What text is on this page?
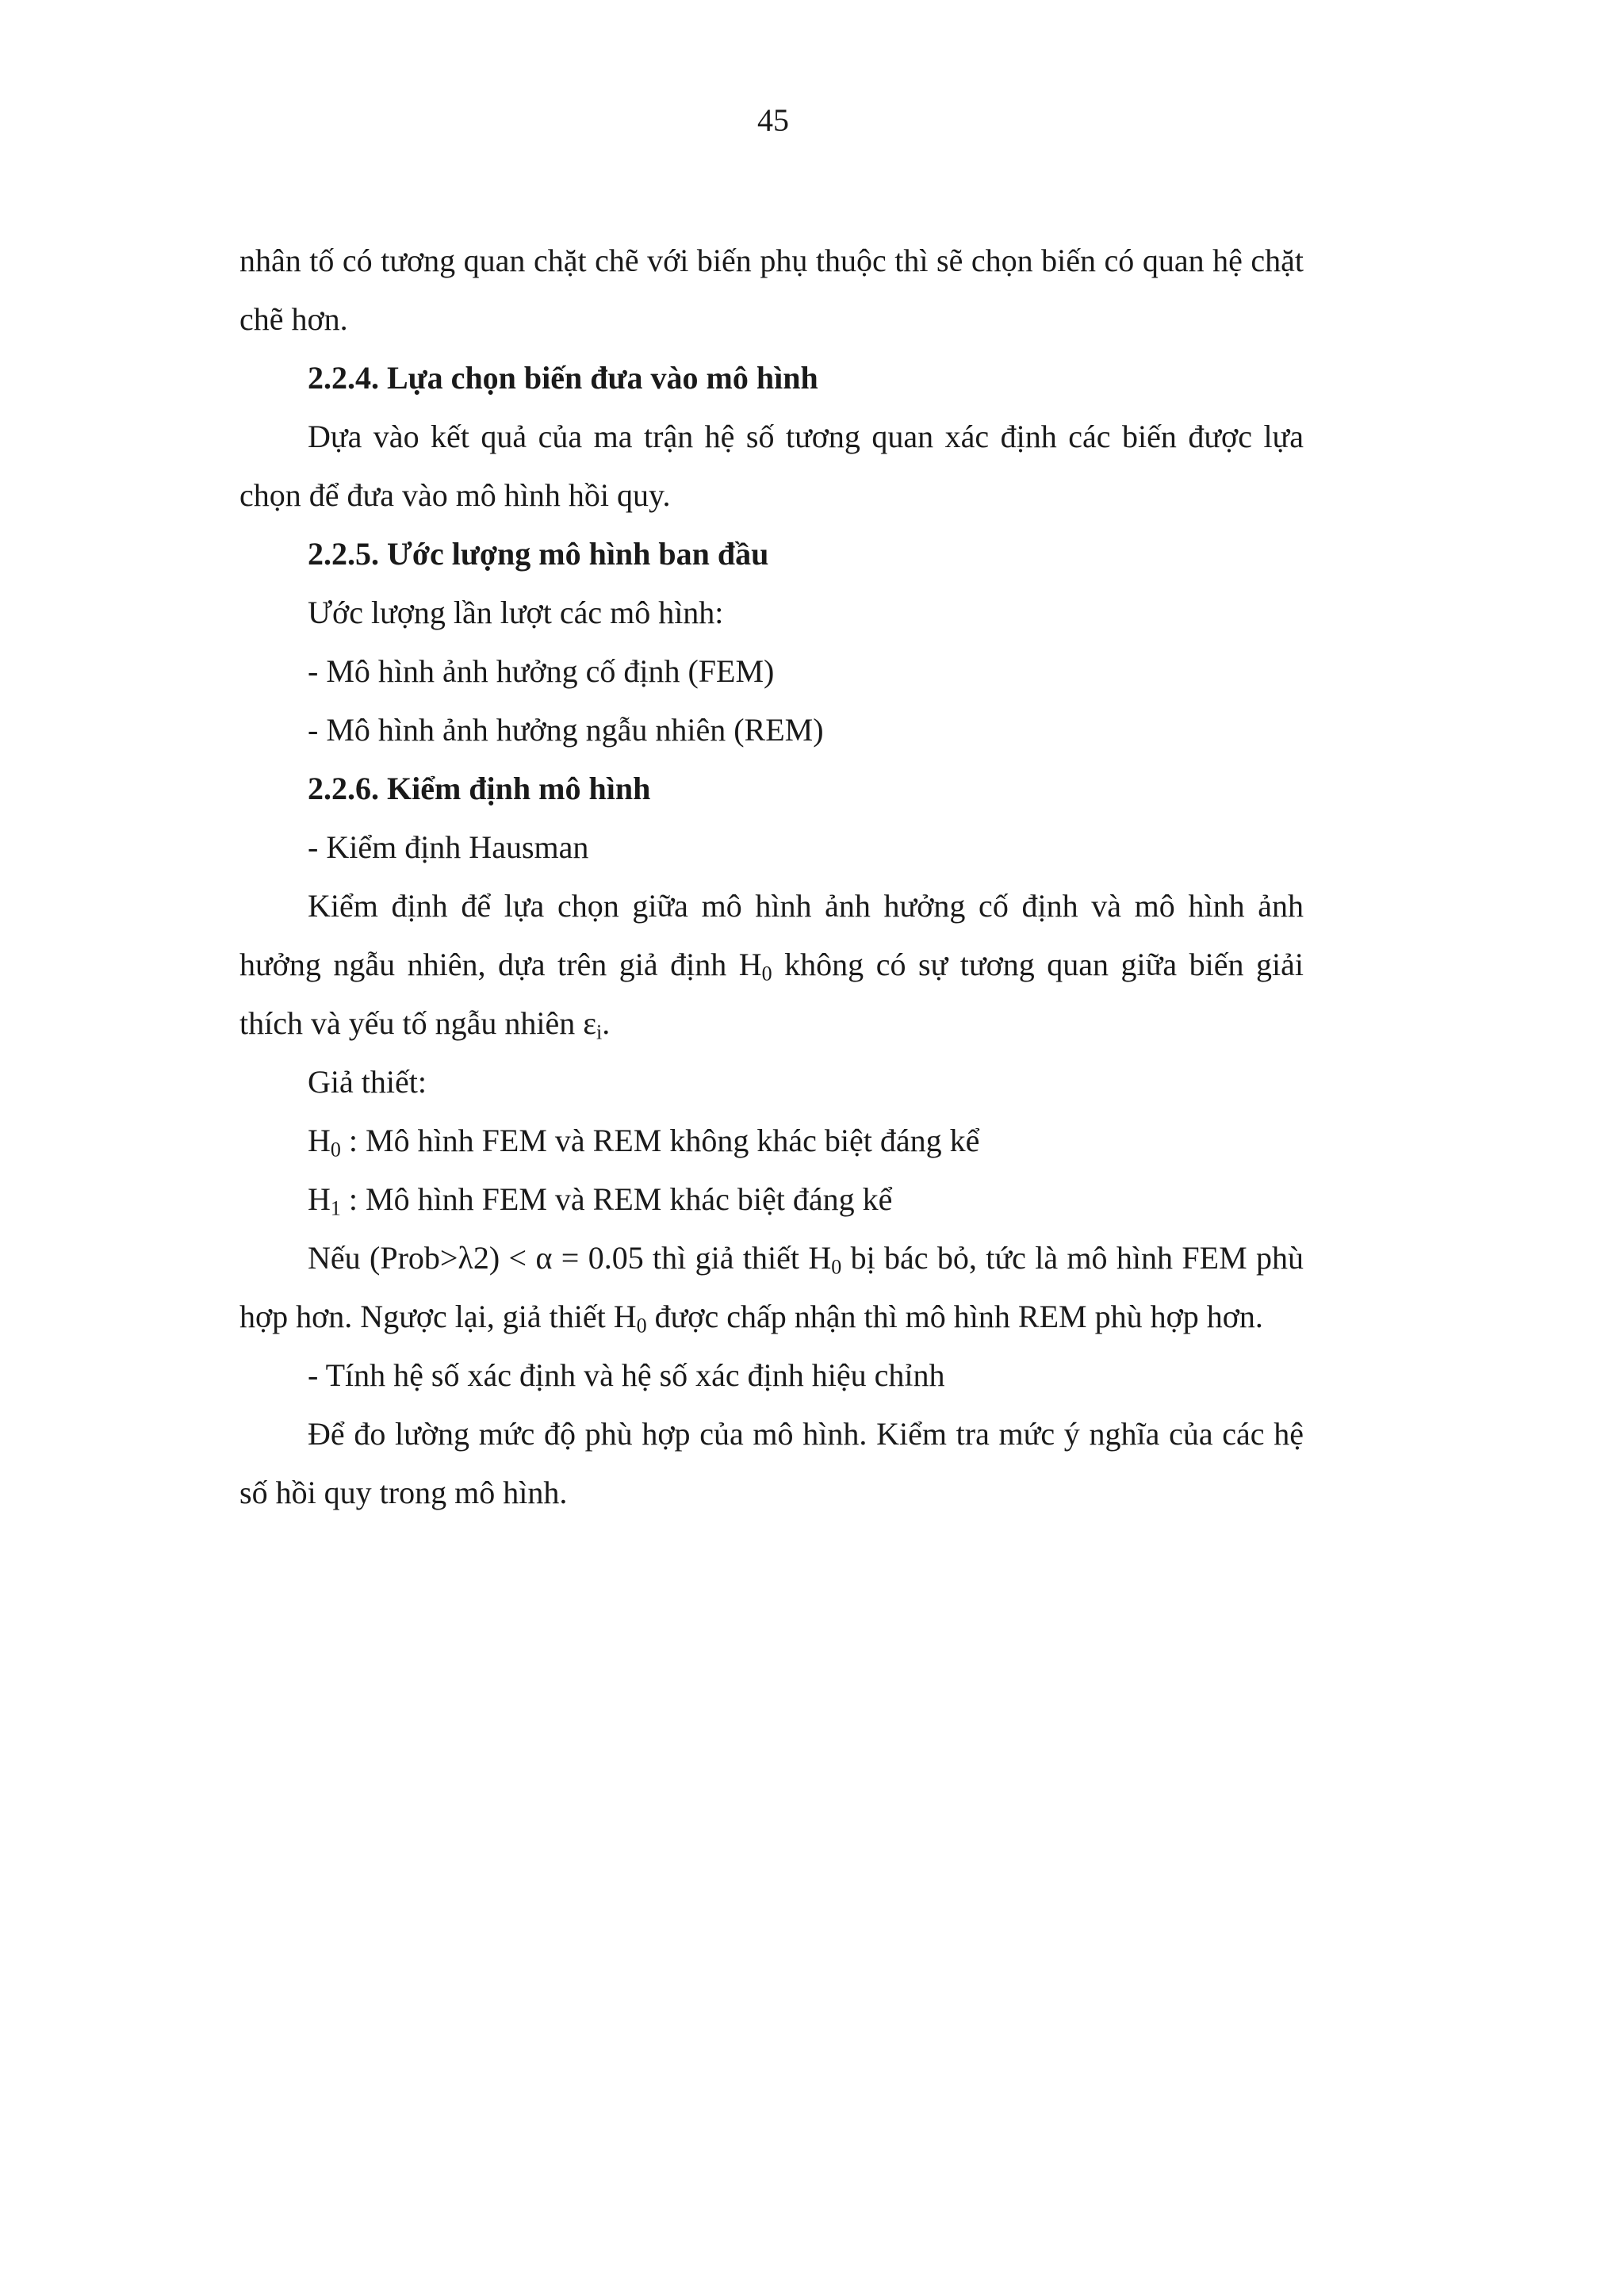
45

nhân tố có tương quan chặt chẽ với biến phụ thuộc thì sẽ chọn biến có quan hệ chặt chẽ hơn.

2.2.4. Lựa chọn biến đưa vào mô hình

Dựa vào kết quả của ma trận hệ số tương quan xác định các biến được lựa chọn để đưa vào mô hình hồi quy.

2.2.5. Ước lượng mô hình ban đầu

Ước lượng lần lượt các mô hình:

- Mô hình ảnh hưởng cố định (FEM)

- Mô hình ảnh hưởng ngẫu nhiên (REM)

2.2.6. Kiểm định mô hình

- Kiểm định Hausman

Kiểm định để lựa chọn giữa mô hình ảnh hưởng cố định và mô hình ảnh hưởng ngẫu nhiên, dựa trên giả định $H_0$ không có sự tương quan giữa biến giải thích và yếu tố ngẫu nhiên $\varepsilon_i$.

Giả thiết:

$H_0$ : Mô hình FEM và REM không khác biệt đáng kể

$H_1$ : Mô hình FEM và REM khác biệt đáng kể

Nếu (Prob>λ2) < α = 0.05 thì giả thiết $H_0$ bị bác bỏ, tức là mô hình FEM phù hợp hơn. Ngược lại, giả thiết $H_0$ được chấp nhận thì mô hình REM phù hợp hơn.

- Tính hệ số xác định và hệ số xác định hiệu chỉnh

Để đo lường mức độ phù hợp của mô hình. Kiểm tra mức ý nghĩa của các hệ số hồi quy trong mô hình.
